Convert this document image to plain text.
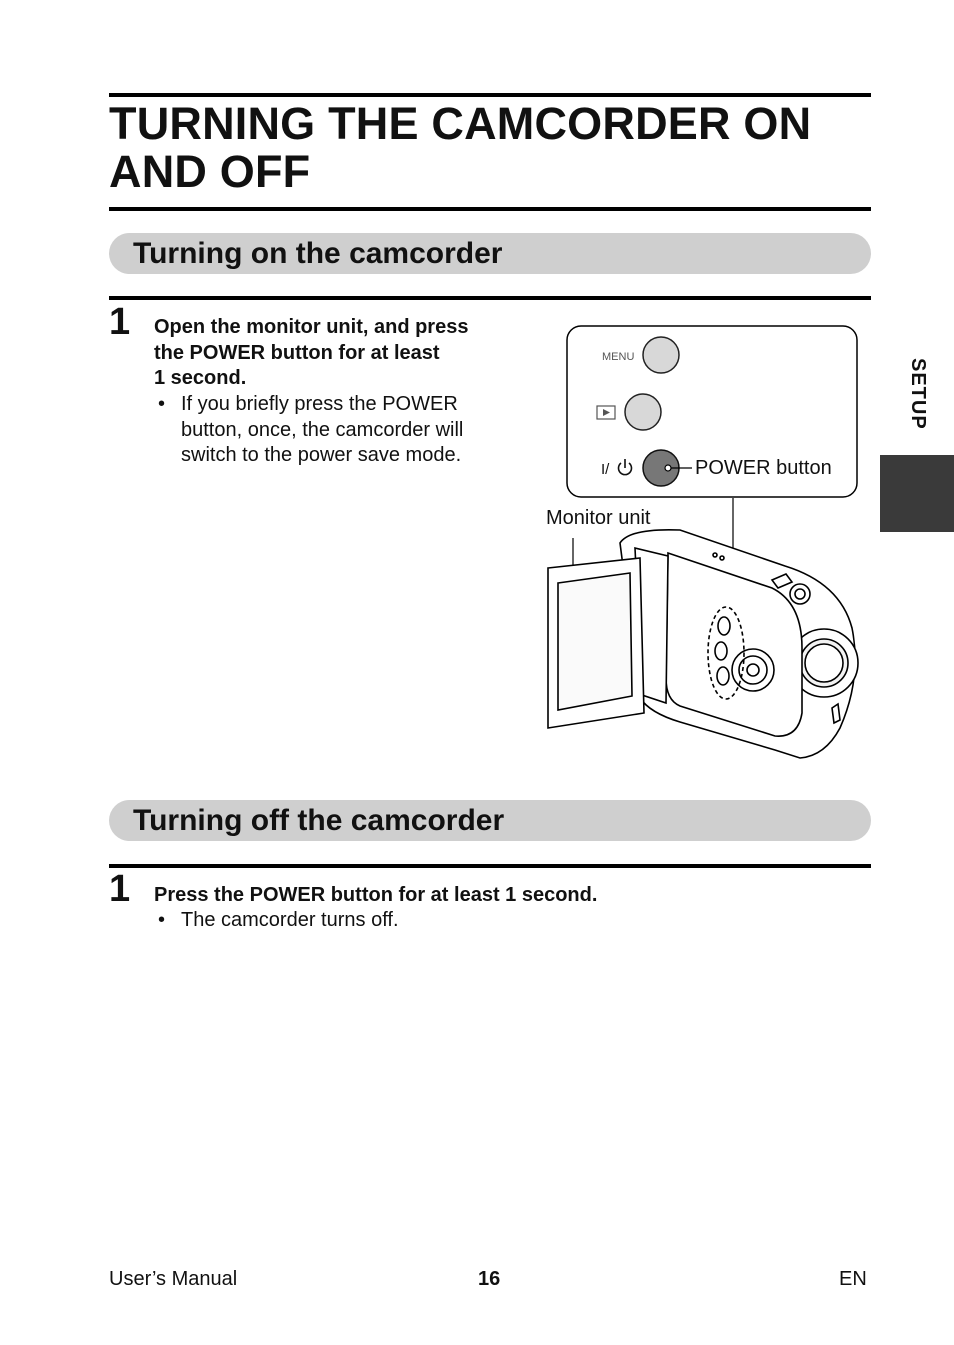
TURNING THE CAMCORDER ON
AND OFF
Turning on the camcorder
1 Open the monitor unit, and press
the POWER button for at least
1 second.
• If you briefly press the POWER
button, once, the camcorder will
switch to the power save mode.
MENU
I/	POWER button
Monitor unit
Turning off the camcorder
1 Press the POWER button for at least 1 second.
• The camcorder turns off.
SETUP
User’s Manual	16	EN
